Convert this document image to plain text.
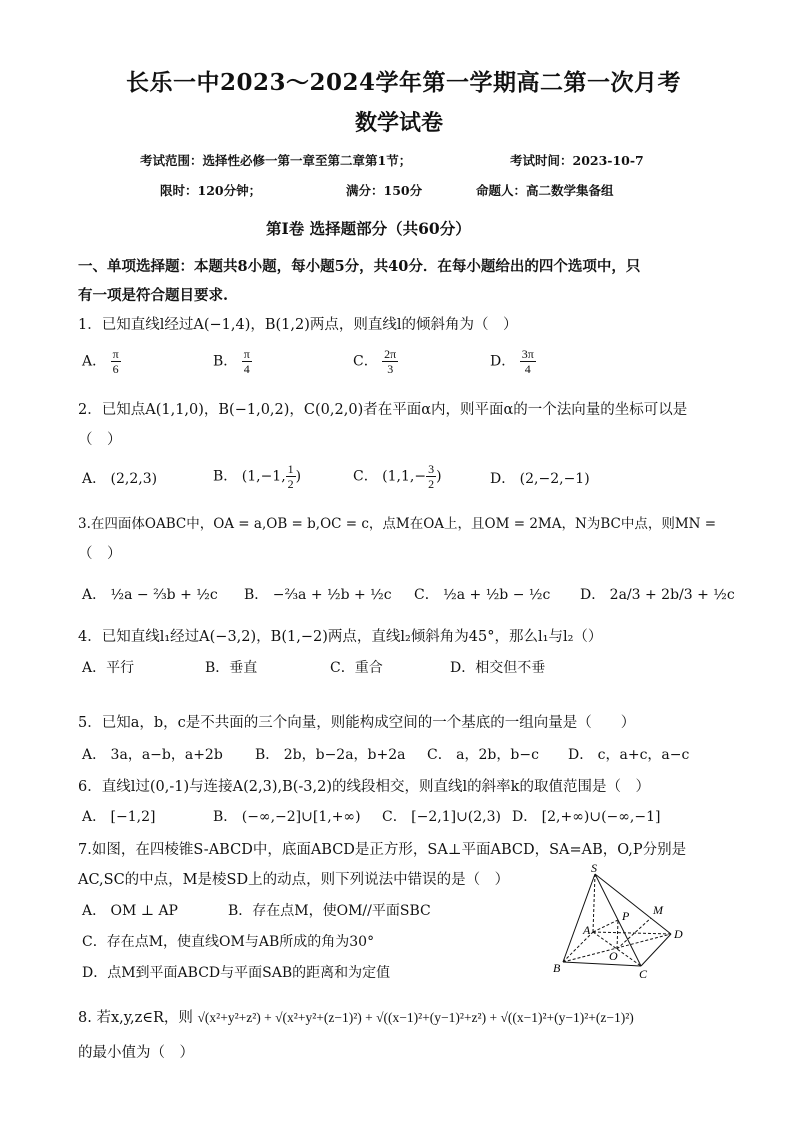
长乐一中2023～2024学年第一学期高二第一次月考
数学试卷
考试范围：选择性必修一第一章至第二章第1节；	考试时间：2023-10-7
限时：120分钟；	满分：150分	命题人：高二数学集备组
第Ⅰ卷 选择题部分（共60分）
一、单项选择题：本题共8小题，每小题5分，共40分．在每小题给出的四个选项中，只
有一项是符合题目要求.
1．已知直线l经过A(−1,4)，B(1,2)两点，则直线l的倾斜角为（　）
A． $\frac{\pi}{6}$	B． $\frac{\pi}{4}$	C． $\frac{2\pi}{3}$	D． $\frac{3\pi}{4}$
2．已知点A(1,1,0)，B(−1,0,2)，C(0,2,0)者在平面α内，则平面α的一个法向量的坐标可以是
（　）
A． (2,2,3)	B． (1,−1, $\frac{1}{2}$ )	C． ($1,1,- \frac{3}{2}$ )	D． (2,−2,−1)
3.在四面体OABC中，OA = a,OB = b,OC = c，点M在OA上，且OM = 2MA，N为BC中点，则MN =
（　）
A． ½a − ⅔b + ½c B． −⅔a + ½b + ½c C． ½a + ½b − ½c D． 2a/3 + 2b/3 + ½c
4．已知直线l₁经过A(−3,2)，B(1,−2)两点，直线l₂倾斜角为45°，那么l₁与l₂（）
A．平行	B．垂直	C．重合	D．相交但不垂
5．已知a，b，c是不共面的三个向量，则能构成空间的一个基底的一组向量是（　　）
A． 3a，a−b，a+2b B． 2b，b−2a，b+2a C． a，2b，b−c D． c，a+c，a−c
6．直线l过(0,-1)与连接A(2,3),B(-3,2)的线段相交，则直线l的斜率k的取值范围是（　）
A． [−1,2]	B． (−∞,−2]∪[1,+∞) C． [−2,1]∪(2,3) D． [2,+∞)∪(−∞,−1]
7.如图，在四棱锥S-ABCD中，底面ABCD是正方形，SA⊥平面ABCD，SA=AB，O,P分别是
AC,SC的中点，M是棱SD上的动点，则下列说法中错误的是（　）
A． OM ⊥ AP	B．存在点M，使OM//平面SBC
C．存在点M，使直线OM与AB所成的角为30°
D．点M到平面ABCD与平面SAB的距离和为定值
S
B	C
D
A
O
P M
8. 若x,y,z∈R，则 √(x²+y²+z²) + √(x²+y²+(z−1)²) + √((x−1)²+(y−1)²+z²) + √((x−1)²+(y−1)²+(z−1)²)
的最小值为（　）
